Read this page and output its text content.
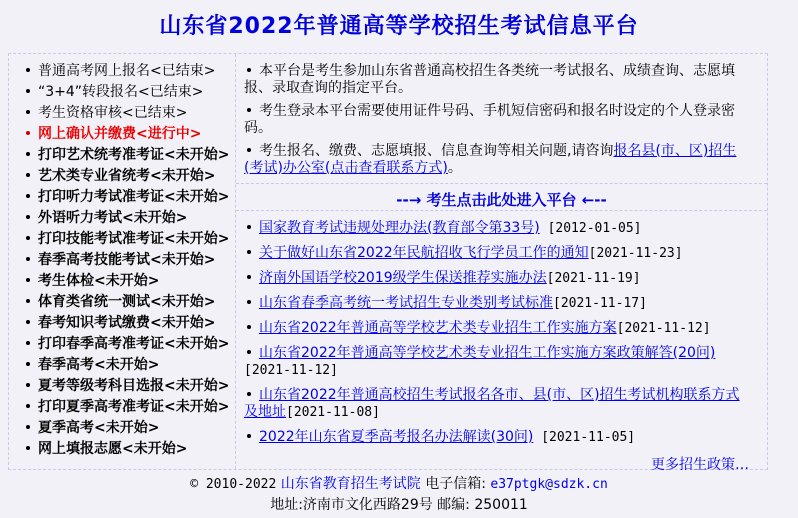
山东省2022年普通高等学校招生考试信息平台
普通高考网上报名<已结束>
“3+4”转段报名<已结束>
考生资格审核<已结束>
网上确认并缴费<进行中>
打印艺术统考准考证<未开始>
艺术类专业省统考<未开始>
打印听力考试准考证<未开始>
外语听力考试<未开始>
打印技能考试准考证<未开始>
春季高考技能考试<未开始>
考生体检<未开始>
体育类省统一测试<未开始>
春考知识考试缴费<未开始>
打印春季高考准考证<未开始>
春季高考<未开始>
夏考等级考科目选报<未开始>
打印夏季高考准考证<未开始>
夏季高考<未开始>
网上填报志愿<未开始>

本平台是考生参加山东省普通高校招生各类统一考试报名、成绩查询、志愿填报、录取查询的指定平台。

考生登录本平台需要使用证件号码、手机短信密码和报名时设定的个人登录密码。

考生报名、缴费、志愿填报、信息查询等相关问题,请咨询报名县(市、区)招生(考试)办公室(点击查看联系方式)。

--→ 考生点击此处进入平台 ←--
国家教育考试违规处理办法(教育部令第33号) [2012-01-05]
关于做好山东省2022年民航招收飞行学员工作的通知[2021-11-23]
济南外国语学校2019级学生保送推荐实施办法[2021-11-19]
山东省春季高考统一考试招生专业类别考试标准[2021-11-17]
山东省2022年普通高等学校艺术类专业招生工作实施方案[2021-11-12]
山东省2022年普通高等学校艺术类专业招生工作实施方案政策解答(20问) [2021-11-12]
山东省2022年普通高校招生考试报名各市、县(市、区)招生考试机构联系方式及地址[2021-11-08]
2022年山东省夏季高考报名办法解读(30问) [2021-11-05]
更多招生政策…
© 2010-2022 山东省教育招生考试院 电子信箱: e37ptgk@sdzk.cn
地址:济南市文化西路29号 邮编: 250011
